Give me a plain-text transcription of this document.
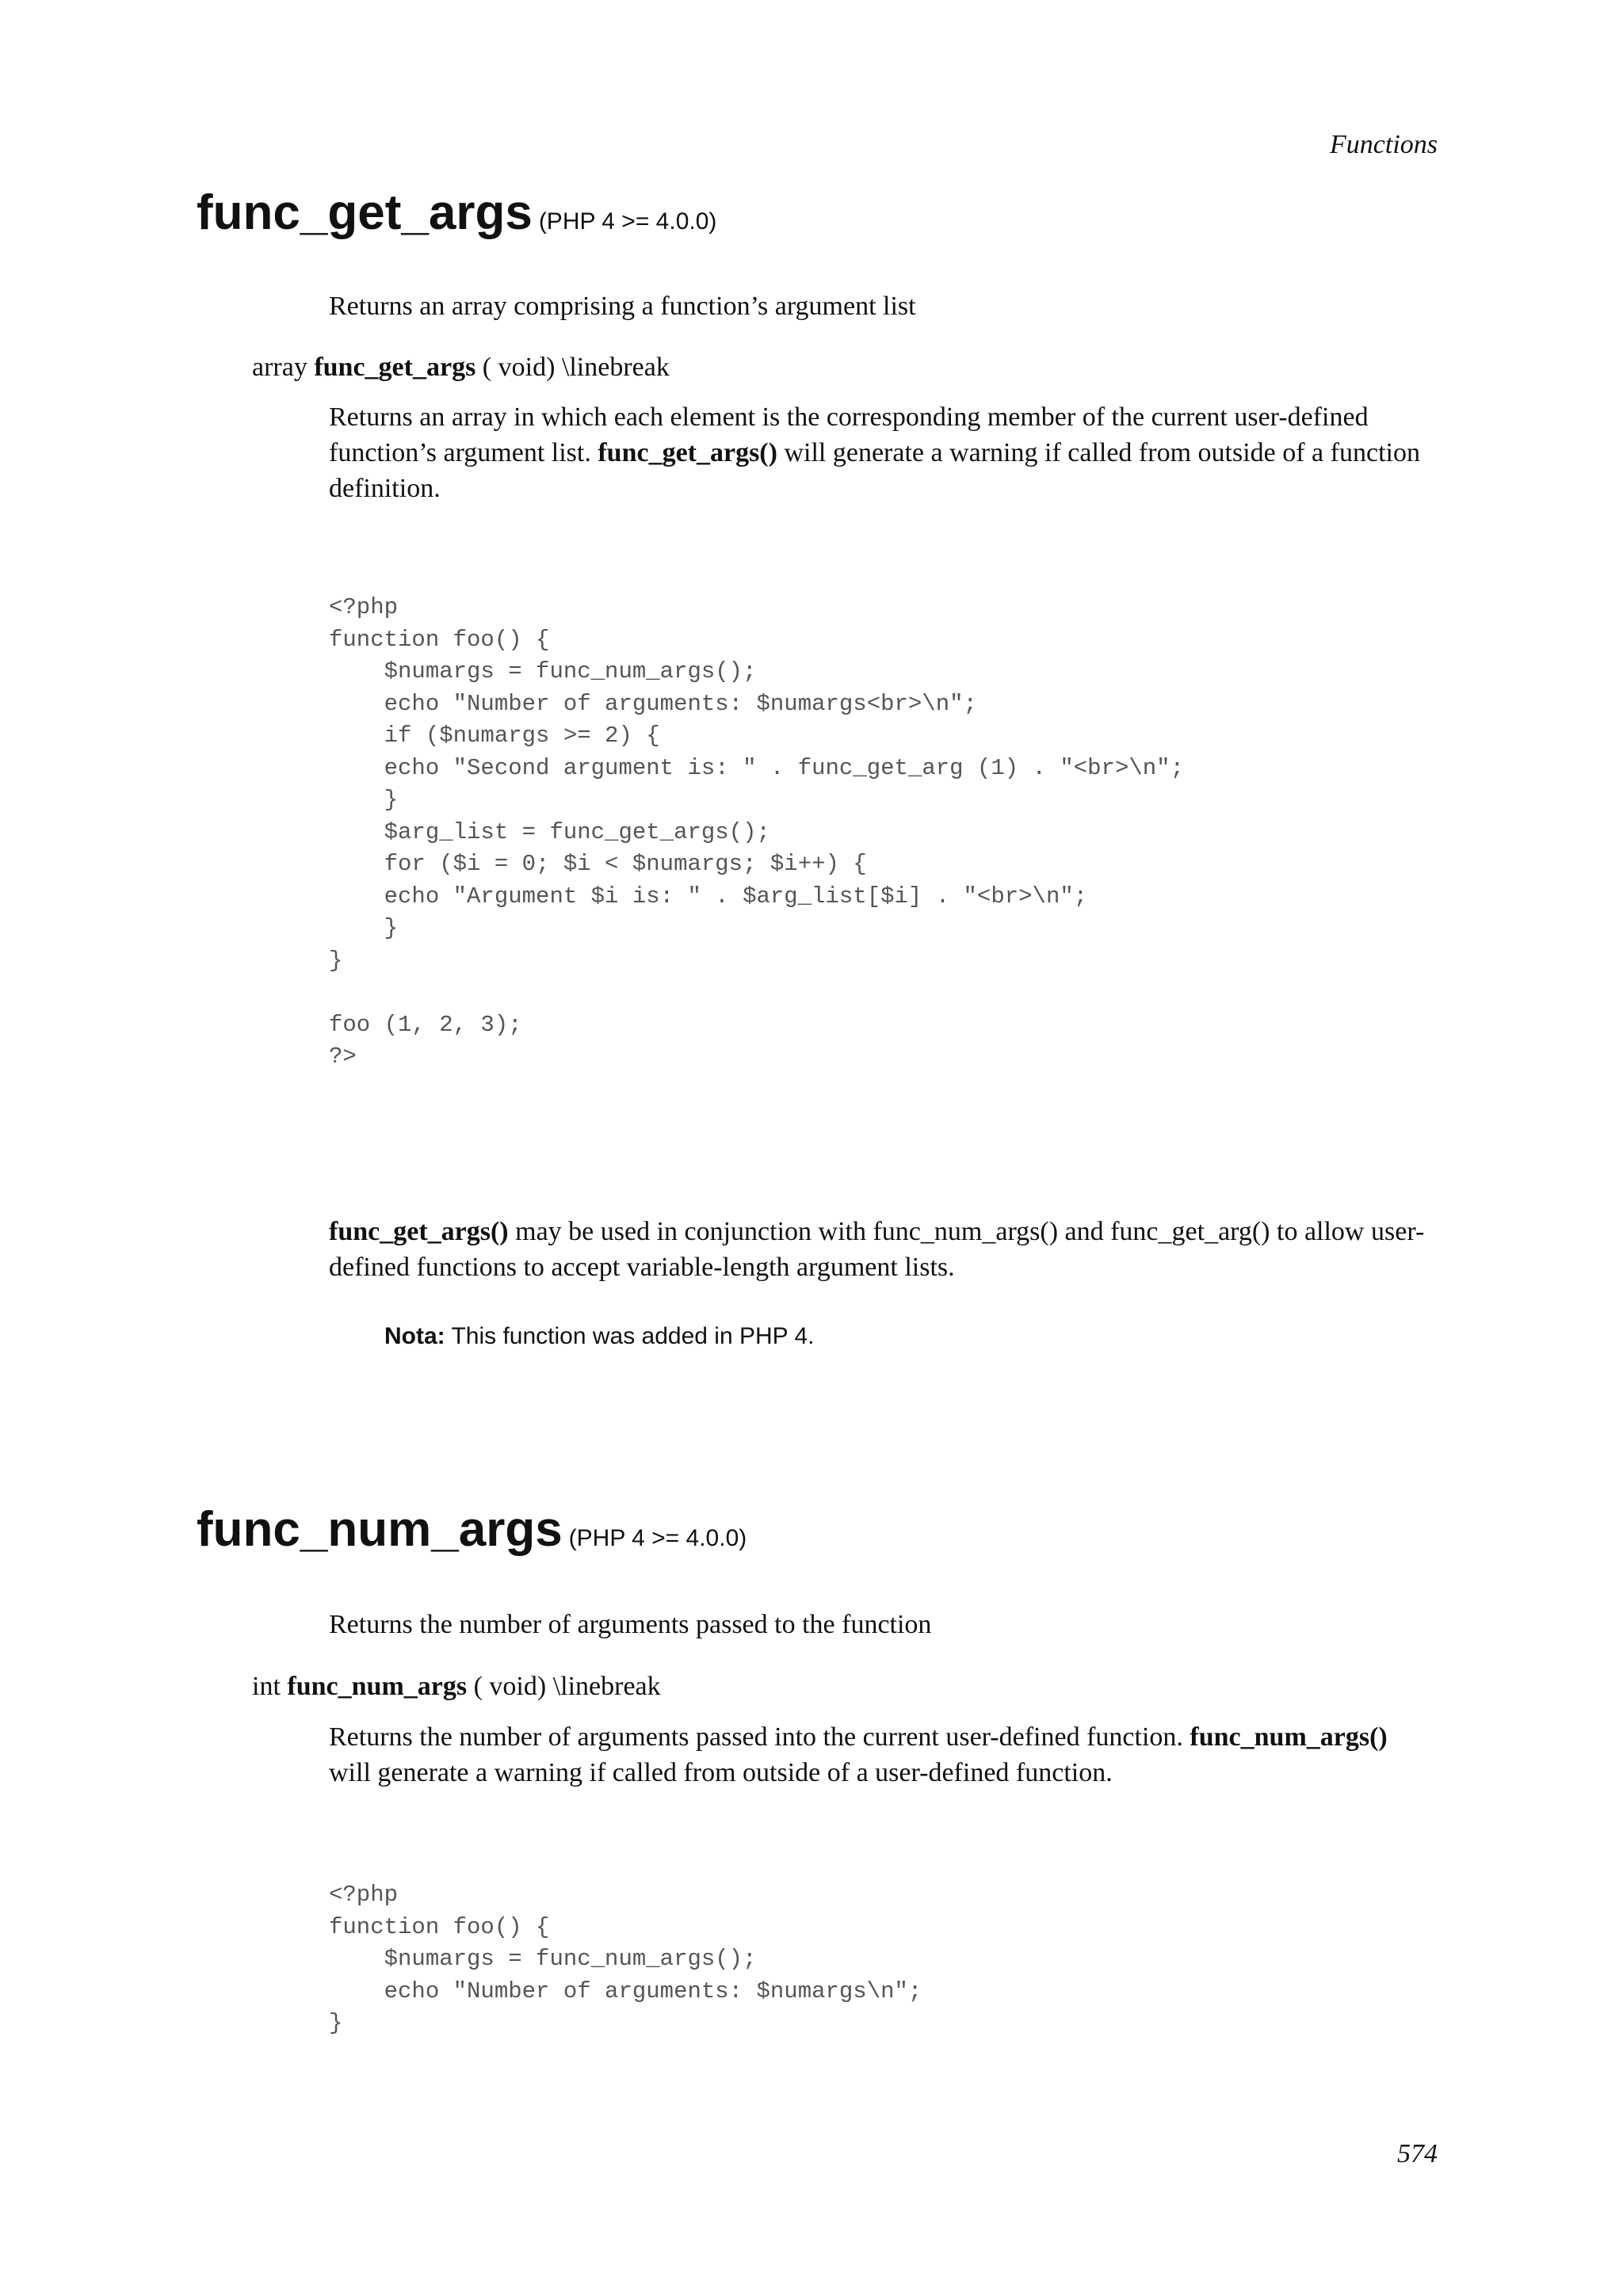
Functions
func_get_args (PHP 4 >= 4.0.0)
Returns an array comprising a function’s argument list
array func_get_args ( void) \linebreak
Returns an array in which each element is the corresponding member of the current user-defined function’s argument list. func_get_args() will generate a warning if called from outside of a function definition.
<?php
function foo() {
$numargs = func_num_args();
echo "Number of arguments: $numargs<br>\n";
if ($numargs >= 2) {
echo "Second argument is: " . func_get_arg (1) . "<br>\n";
}
$arg_list = func_get_args();
for ($i = 0; $i < $numargs; $i++) {
echo "Argument $i is: " . $arg_list[$i] . "<br>\n";
}
}

foo (1, 2, 3);
?>
func_get_args() may be used in conjunction with func_num_args() and func_get_arg() to allow user-defined functions to accept variable-length argument lists.
Nota: This function was added in PHP 4.
func_num_args (PHP 4 >= 4.0.0)
Returns the number of arguments passed to the function
int func_num_args ( void) \linebreak
Returns the number of arguments passed into the current user-defined function. func_num_args() will generate a warning if called from outside of a user-defined function.
<?php
function foo() {
$numargs = func_num_args();
echo "Number of arguments: $numargs\n";
}
574
